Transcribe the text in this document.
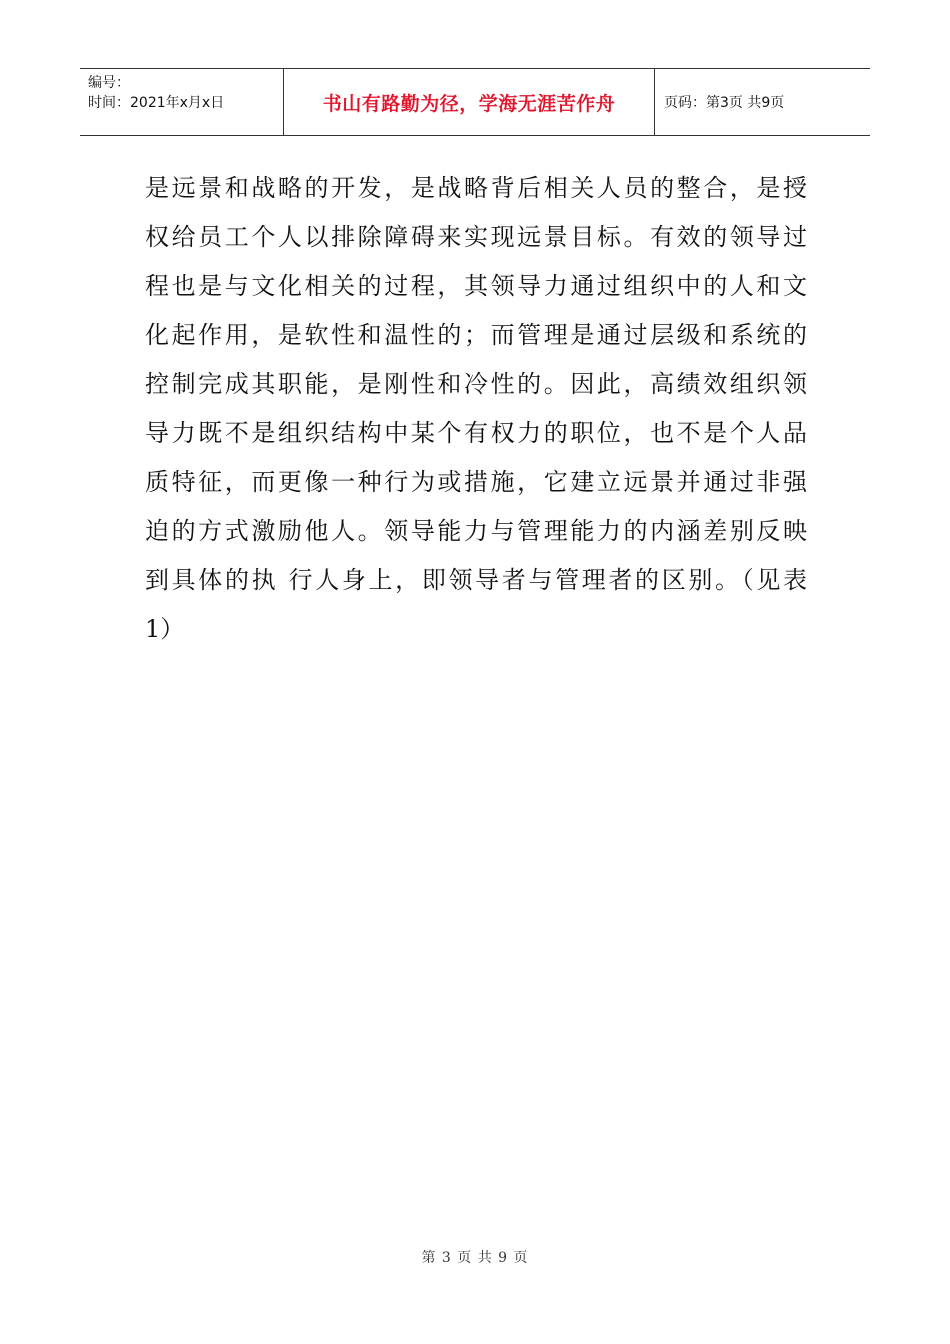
编号：
时间：2021年x月x日	书山有路勤为径，学海无涯苦作舟	页码：第3页 共9页
是远景和战略的开发，是战略背后相关人员的整合，是授
权给员工个人以排除障碍来实现远景目标。有效的领导过
程也是与文化相关的过程，其领导力通过组织中的人和文
化起作用，是软性和温性的；而管理是通过层级和系统的
控制完成其职能，是刚性和冷性的。因此，高绩效组织领
导力既不是组织结构中某个有权力的职位，也不是个人品
质特征，而更像一种行为或措施，它建立远景并通过非强
迫的方式激励他人。领导能力与管理能力的内涵差别反映
到具体的执 行人身上，即领导者与管理者的区别。（见表
1）
第 3 页 共 9 页
